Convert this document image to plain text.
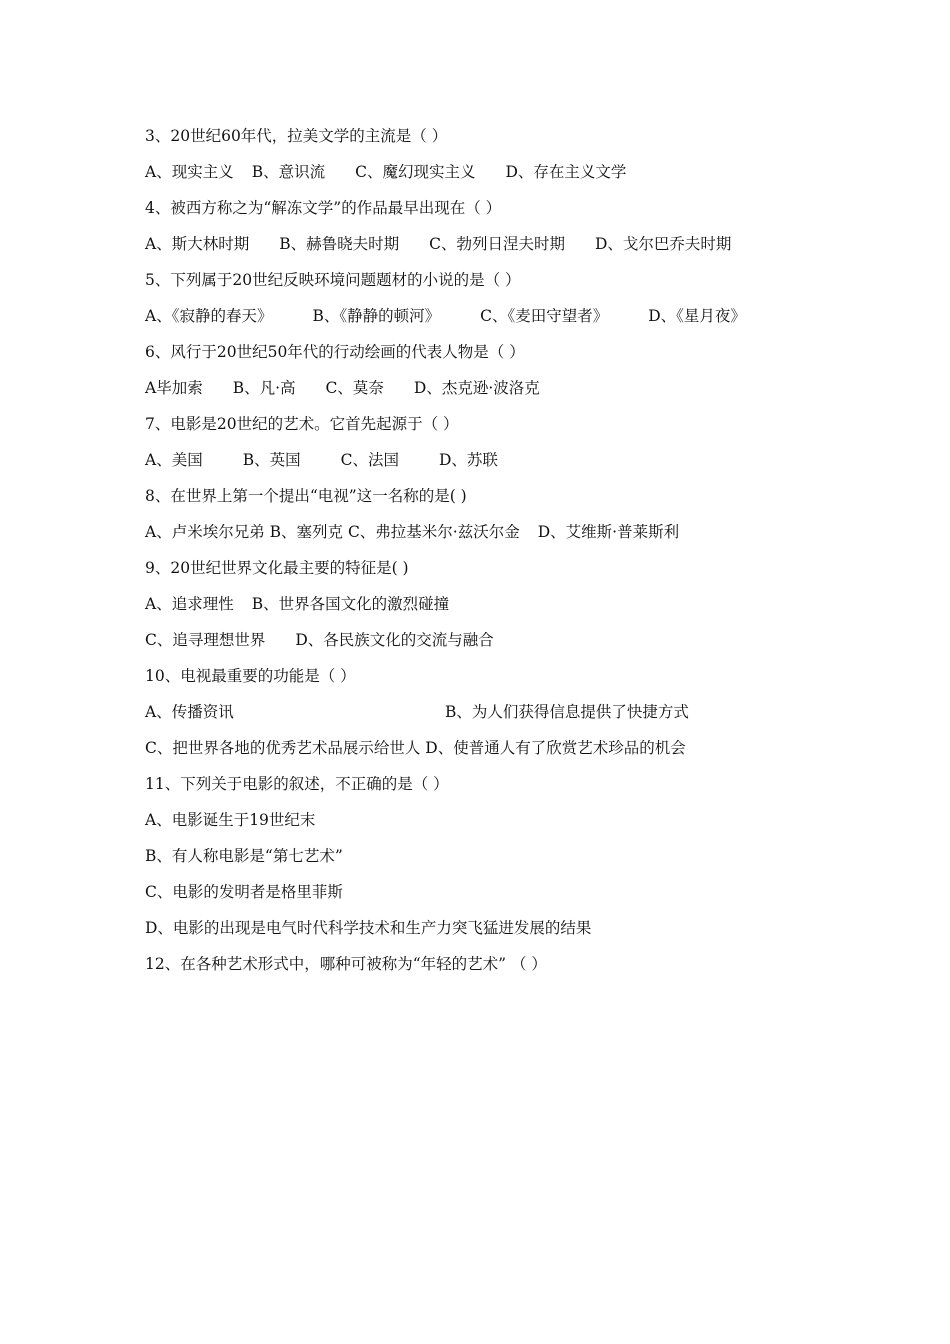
3、20世纪60年代，拉美文学的主流是（ ）
A、现实主义 B、意识流 C、魔幻现实主义 D、存在主义文学
4、被西方称之为“解冻文学”的作品最早出现在（ ）
A、斯大林时期 B、赫鲁晓夫时期 C、勃列日涅夫时期 D、戈尔巴乔夫时期
5、下列属于20世纪反映环境问题题材的小说的是（ ）
A、《寂静的春天》	B、《静静的顿河》	C、《麦田守望者》	D、《星月夜》
6、风行于20世纪50年代的行动绘画的代表人物是（ ）
A毕加索 B、凡·高 C、莫奈 D、杰克逊·波洛克
7、电影是20世纪的艺术。它首先起源于（ ）
A、美国	B、英国	C、法国	D、苏联
8、在世界上第一个提出“电视”这一名称的是( )
A、卢米埃尔兄弟 B、塞列克 C、弗拉基米尔·兹沃尔金 D、艾维斯·普莱斯利
9、20世纪世界文化最主要的特征是( )
A、追求理性 B、世界各国文化的激烈碰撞
C、追寻理想世界 D、各民族文化的交流与融合
10、电视最重要的功能是（ ）
A、传播资讯	B、为人们获得信息提供了快捷方式
C、把世界各地的优秀艺术品展示给世人 D、使普通人有了欣赏艺术珍品的机会
11、下列关于电影的叙述，不正确的是（ ）
A、电影诞生于19世纪末
B、有人称电影是“第七艺术”
C、电影的发明者是格里菲斯
D、电影的出现是电气时代科学技术和生产力突飞猛进发展的结果
12、在各种艺术形式中，哪种可被称为“年轻的艺术” （ ）
